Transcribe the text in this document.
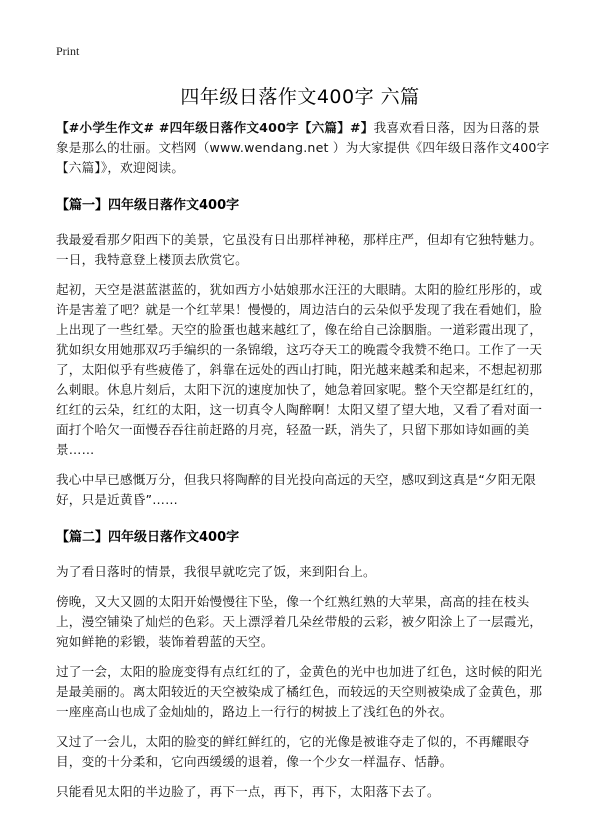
Print
四年级日落作文400字 六篇

【#小学生作文# #四年级日落作文400字【六篇】#】我喜欢看日落，因为日落的景象是那么的壮丽。文档网（www.wendang.net ）为大家提供《四年级日落作文400字【六篇】》，欢迎阅读。

【篇一】四年级日落作文400字

我最爱看那夕阳西下的美景，它虽没有日出那样神秘，那样庄严，但却有它独特魅力。一日，我特意登上楼顶去欣赏它。

起初，天空是湛蓝湛蓝的，犹如西方小姑娘那水汪汪的大眼睛。太阳的脸红彤彤的，或许是害羞了吧？就是一个红苹果！慢慢的，周边洁白的云朵似乎发现了我在看她们，脸上出现了一些红晕。天空的脸蛋也越来越红了，像在给自己涂胭脂。一道彩霞出现了，犹如织女用她那双巧手编织的一条锦缎，这巧夺天工的晚霞令我赞不绝口。工作了一天了，太阳似乎有些疲倦了，斜靠在远处的西山打盹，阳光越来越柔和起来，不想起初那么刺眼。休息片刻后，太阳下沉的速度加快了，她急着回家呢。整个天空都是红红的，红红的云朵，红红的太阳，这一切真令人陶醉啊！太阳又望了望大地，又看了看对面一面打个哈欠一面慢吞吞往前赶路的月亮，轻盈一跃，消失了，只留下那如诗如画的美景……

我心中早已感慨万分，但我只将陶醉的目光投向高远的天空，感叹到这真是“夕阳无限好，只是近黄昏”……

【篇二】四年级日落作文400字

为了看日落时的情景，我很早就吃完了饭，来到阳台上。

傍晚，又大又圆的太阳开始慢慢往下坠，像一个红熟红熟的大苹果，高高的挂在枝头上，漫空铺染了灿烂的色彩。天上漂浮着几朵丝带般的云彩，被夕阳涂上了一层霞光，宛如鲜艳的彩锻，装饰着碧蓝的天空。

过了一会，太阳的脸庞变得有点红红的了，金黄色的光中也加进了红色，这时候的阳光是最美丽的。离太阳较近的天空被染成了橘红色，而较远的天空则被染成了金黄色，那一座座高山也成了金灿灿的，路边上一行行的树披上了浅红色的外衣。

又过了一会儿，太阳的脸变的鲜红鲜红的，它的光像是被谁夺走了似的，不再耀眼夺目，变的十分柔和，它向西缓缓的退着，像一个少女一样温存、恬静。

只能看见太阳的半边脸了，再下一点，再下，再下，太阳落下去了。
